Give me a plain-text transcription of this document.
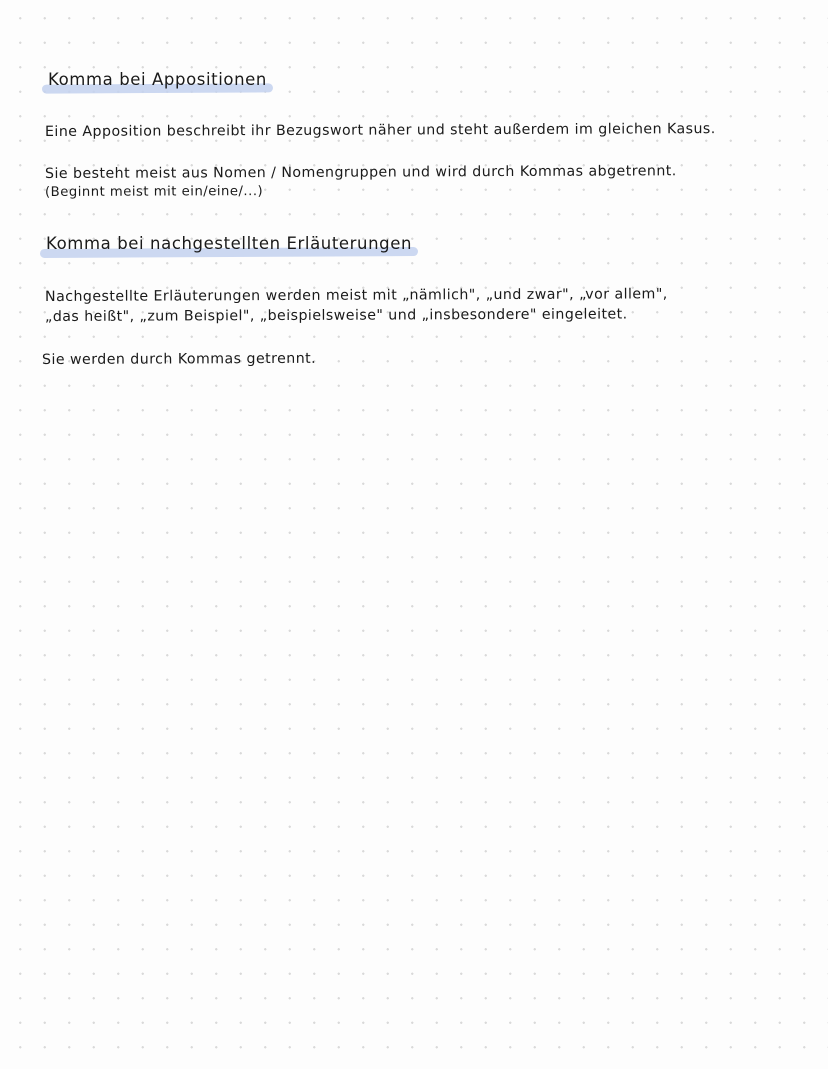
Komma bei Appositionen
Eine Apposition beschreibt ihr Bezugswort näher und steht außerdem im gleichen Kasus.
Sie besteht meist aus Nomen / Nomengruppen und wird durch Kommas abgetrennt.
(Beginnt meist mit ein/eine/...)
Komma bei nachgestellten Erläuterungen
Nachgestellte Erläuterungen werden meist mit „nämlich", „und zwar", „vor allem",
„das heißt", „zum Beispiel", „beispielsweise" und „insbesondere" eingeleitet.
Sie werden durch Kommas getrennt.
